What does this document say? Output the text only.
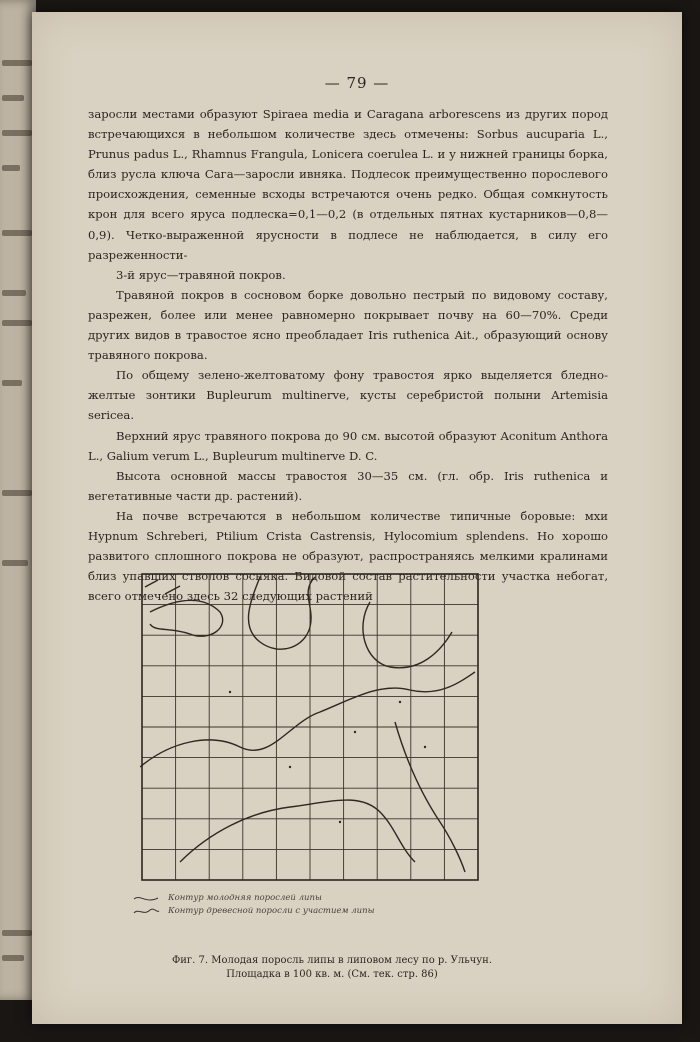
— 79 —

заросли местами образуют Spiraea media и Caragana arborescens из других пород встречающихся в небольшом количестве здесь отмечены: Sorbus aucuparia L., Prunus padus L., Rhamnus Frangula, Lonicera coerulea L. и у нижней границы борка, близ русла ключа Сага—заросли ивняка. Подлесок преимущественно порослевого происхождения, семенные всходы встречаются очень редко. Общая сомкнутость крон для всего яруса подлеска=0,1—0,2 (в отдельных пятнах кустарников—0,8—0,9). Четко-выраженной ярусности в подлесе не наблюдается, в силу его разреженности-

3-й ярус—травяной покров.

Травяной покров в сосновом борке довольно пестрый по видовому составу, разрежен, более или менее равномерно покрывает почву на 60—70%. Среди других видов в травостое ясно преобладает Iris ruthenica Ait., образующий основу травяного покрова.

По общему зелено-желтоватому фону травостоя ярко выделяется бледно-желтые зонтики Bupleurum multinerve, кусты серебристой полыни Artemisia sericea.

Верхний ярус травяного покрова до 90 см. высотой образуют Aconitum Anthora L., Galium verum L., Bupleurum multinerve D. C.

Высота основной массы травостоя 30—35 см. (гл. обр. Iris ruthenica и вегетативные части др. растений).

На почве встречаются в небольшом количестве типичные боровые: мхи Hypnum Schreberi, Ptilium Crista Castrensis, Hylocomium splendens. Но хорошо развитого сплошного покрова не образуют, распространяясь мелкими кралинами близ упавших стволов сосняка. Видовой состав растительности участка небогат, всего отмечено здесь 32 следующих растений

Контур молодняя порослей липы
Контур древесной поросли с участием липы
Фиг. 7. Молодая поросль липы в липовом лесу по р. Ульчун.
Площадка в 100 кв. м. (См. тек. стр. 86)
